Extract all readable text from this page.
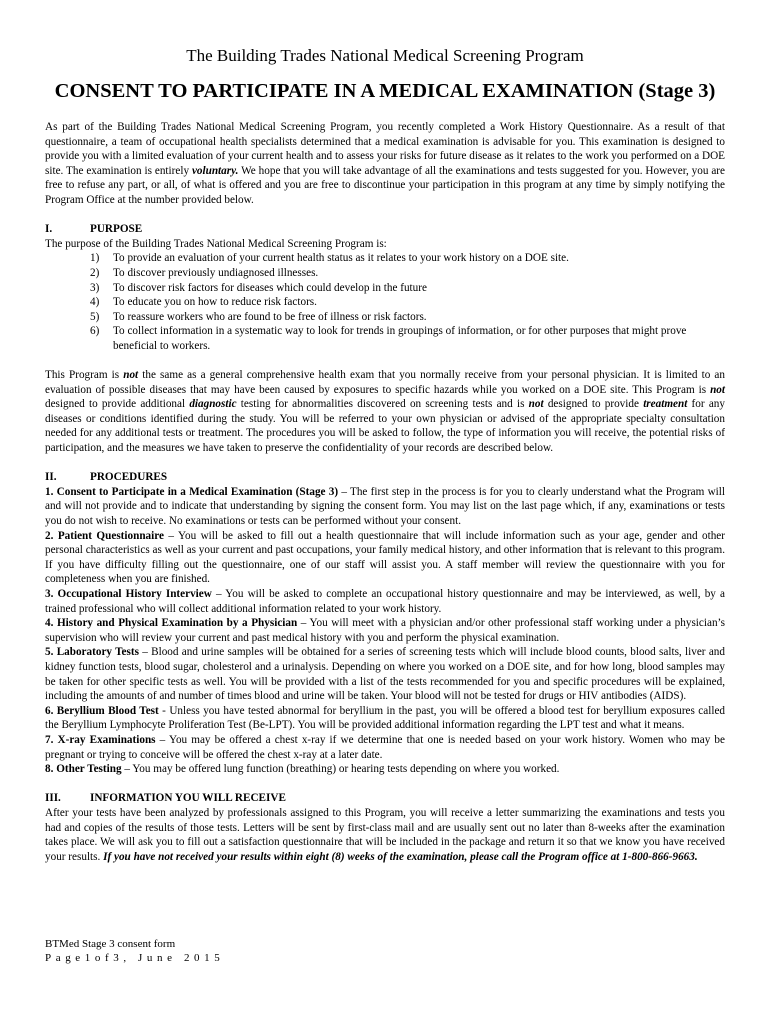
The Building Trades National Medical Screening Program
CONSENT TO PARTICIPATE IN A MEDICAL EXAMINATION (Stage 3)

As part of the Building Trades National Medical Screening Program, you recently completed a Work History Questionnaire. As a result of that questionnaire, a team of occupational health specialists determined that a medical examination is advisable for you. This examination is designed to provide you with a limited evaluation of your current health and to assess your risks for future disease as it relates to the work you performed on a DOE site. The examination is entirely voluntary. We hope that you will take advantage of all the examinations and tests suggested for you. However, you are free to refuse any part, or all, of what is offered and you are free to discontinue your participation in this program at any time by simply notifying the Program Office at the number provided below.

I.	PURPOSE

The purpose of the Building Trades National Medical Screening Program is:

1) To provide an evaluation of your current health status as it relates to your work history on a DOE site.
2) To discover previously undiagnosed illnesses.
3) To discover risk factors for diseases which could develop in the future
4) To educate you on how to reduce risk factors.
5) To reassure workers who are found to be free of illness or risk factors.
6) To collect information in a systematic way to look for trends in groupings of information, or for other purposes that might prove beneficial to workers.

This Program is not the same as a general comprehensive health exam that you normally receive from your personal physician. It is limited to an evaluation of possible diseases that may have been caused by exposures to specific hazards while you worked on a DOE site. This Program is not designed to provide additional diagnostic testing for abnormalities discovered on screening tests and is not designed to provide treatment for any diseases or conditions identified during the study. You will be referred to your own physician or advised of the appropriate specialty consultation needed for any additional tests or treatment. The procedures you will be asked to follow, the type of information you will receive, the potential risks of participation, and the measures we have taken to preserve the confidentiality of your records are described below.

II.	PROCEDURES

1. Consent to Participate in a Medical Examination (Stage 3) – The first step in the process is for you to clearly understand what the Program will and will not provide and to indicate that understanding by signing the consent form. You may list on the last page which, if any, examinations or tests you do not wish to receive. No examinations or tests can be performed without your consent.

2. Patient Questionnaire – You will be asked to fill out a health questionnaire that will include information such as your age, gender and other personal characteristics as well as your current and past occupations, your family medical history, and other information that is relevant to this program. If you have difficulty filling out the questionnaire, one of our staff will assist you. A staff member will review the questionnaire with you for completeness when you are finished.

3. Occupational History Interview – You will be asked to complete an occupational history questionnaire and may be interviewed, as well, by a trained professional who will collect additional information related to your work history.

4. History and Physical Examination by a Physician – You will meet with a physician and/or other professional staff working under a physician’s supervision who will review your current and past medical history with you and perform the physical examination.

5. Laboratory Tests – Blood and urine samples will be obtained for a series of screening tests which will include blood counts, blood salts, liver and kidney function tests, blood sugar, cholesterol and a urinalysis. Depending on where you worked on a DOE site, and for how long, blood samples may be taken for other specific tests as well. You will be provided with a list of the tests recommended for you and specific procedures will be explained, including the amounts of and number of times blood and urine will be taken. Your blood will not be tested for drugs or HIV antibodies (AIDS).

6. Beryllium Blood Test - Unless you have tested abnormal for beryllium in the past, you will be offered a blood test for beryllium exposures called the Beryllium Lymphocyte Proliferation Test (Be-LPT). You will be provided additional information regarding the LPT test and what it means.

7. X-ray Examinations – You may be offered a chest x-ray if we determine that one is needed based on your work history. Women who may be pregnant or trying to conceive will be offered the chest x-ray at a later date.

8. Other Testing – You may be offered lung function (breathing) or hearing tests depending on where you worked.

III.	INFORMATION YOU WILL RECEIVE

After your tests have been analyzed by professionals assigned to this Program, you will receive a letter summarizing the examinations and tests you had and copies of the results of those tests. Letters will be sent by first-class mail and are usually sent out no later than 8-weeks after the examination takes place. We will ask you to fill out a satisfaction questionnaire that will be included in the package and return it so that we know you have received your results. If you have not received your results within eight (8) weeks of the examination, please call the Program office at 1-800-866-9663.

BTMed Stage 3 consent form
Page1of3, June 2015
